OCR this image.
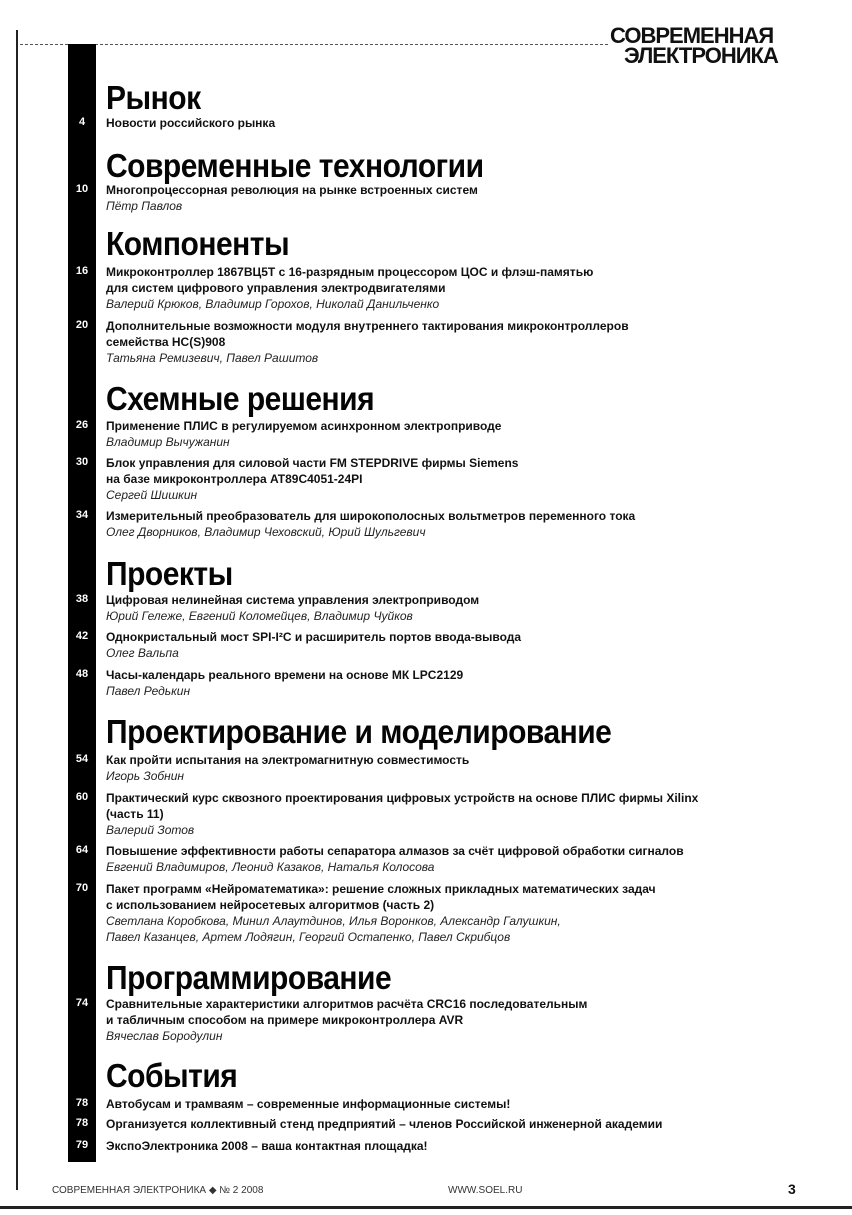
СОВРЕМЕННАЯ
ЭЛЕКТРОНИКА
Рынок
4	Новости российского рынка
Современные технологии
10	Многопроцессорная революция на рынке встроенных систем
Пётр Павлов
Компоненты
16	Микроконтроллер 1867ВЦ5Т с 16-разрядным процессором ЦОС и флэш-памятью
для систем цифрового управления электродвигателями
Валерий Крюков, Владимир Горохов, Николай Данильченко
20	Дополнительные возможности модуля внутреннего тактирования микроконтроллеров
семейства HC(S)908
Татьяна Ремизевич, Павел Рашитов
Схемные решения
26	Применение ПЛИС в регулируемом асинхронном электроприводе
Владимир Вычужанин
30	Блок управления для силовой части FM STEPDRIVE фирмы Siemens
на базе микроконтроллера AT89C4051-24PI
Сергей Шишкин
34	Измерительный преобразователь для широкополосных вольтметров переменного тока
Олег Дворников, Владимир Чеховский, Юрий Шульгевич
Проекты
38	Цифровая нелинейная система управления электроприводом
Юрий Гележе, Евгений Коломейцев, Владимир Чуйков
42	Однокристальный мост SPI-I²C и расширитель портов ввода-вывода
Олег Вальпа
48	Часы-календарь реального времени на основе МК LPC2129
Павел Редькин
Проектирование и моделирование
54	Как пройти испытания на электромагнитную совместимость
Игорь Зобнин
60	Практический курс сквозного проектирования цифровых устройств на основе ПЛИС фирмы Xilinx
(часть 11)
Валерий Зотов
64	Повышение эффективности работы сепаратора алмазов за счёт цифровой обработки сигналов
Евгений Владимиров, Леонид Казаков, Наталья Колосова
70	Пакет программ «Нейроматематика»: решение сложных прикладных математических задач
с использованием нейросетевых алгоритмов (часть 2)
Светлана Коробкова, Минил Алаутдинов, Илья Воронков, Александр Галушкин,
Павел Казанцев, Артем Лодягин, Георгий Остапенко, Павел Скрибцов
Программирование
74	Сравнительные характеристики алгоритмов расчёта CRC16 последовательным
и табличным способом на примере микроконтроллера AVR
Вячеслав Бородулин
События
78	Автобусам и трамваям – современные информационные системы!
78	Организуется коллективный стенд предприятий – членов Российской инженерной академии
79	ЭкспоЭлектроника 2008 – ваша контактная площадка!
СОВРЕМЕННАЯ ЭЛЕКТРОНИКА ◆ № 2 2008	WWW.SOEL.RU	3
